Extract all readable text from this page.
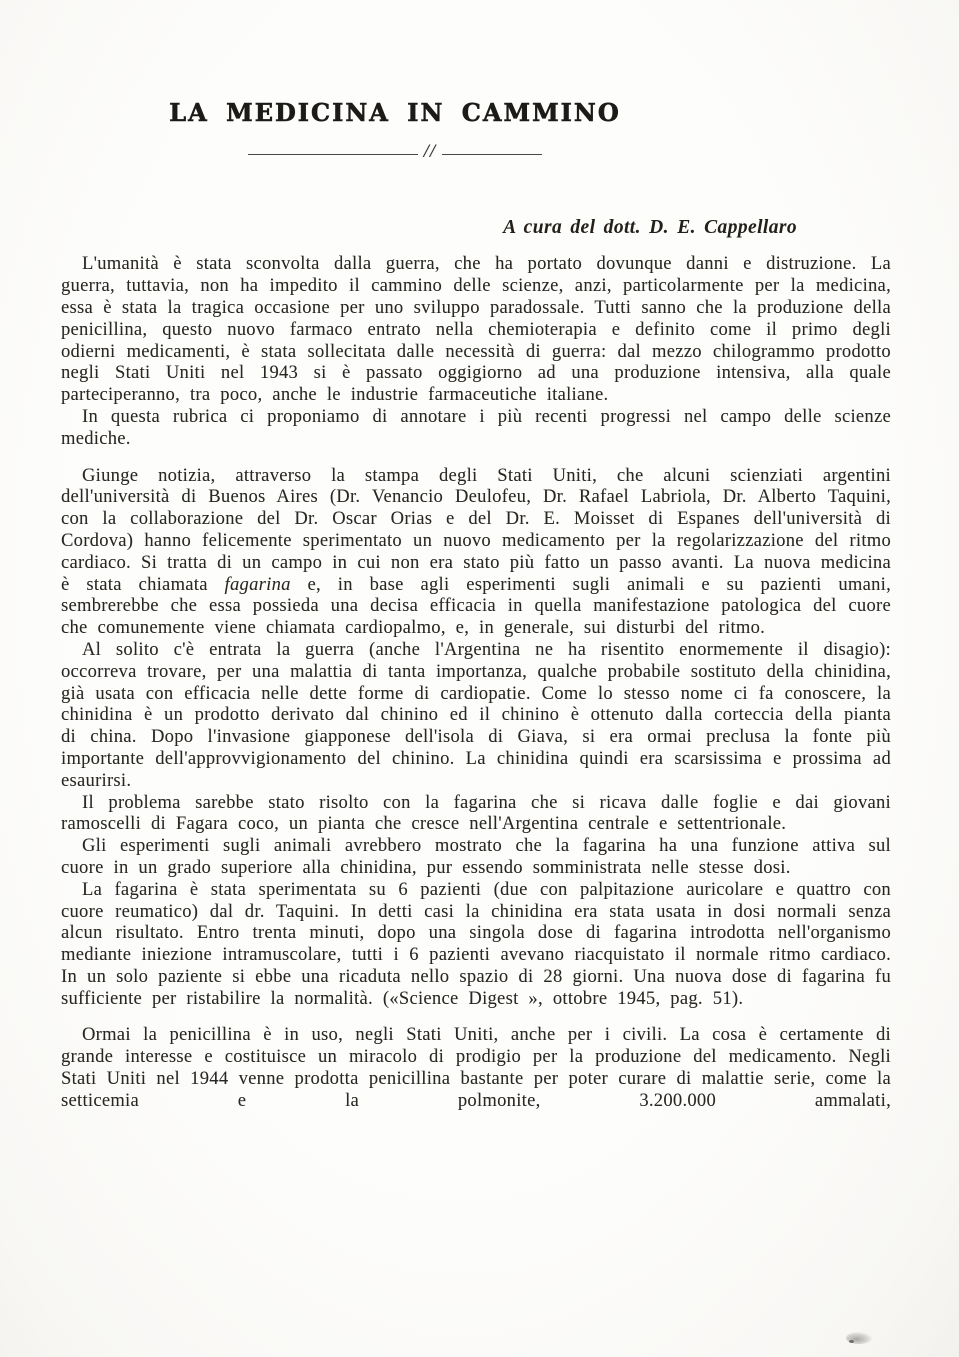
LA MEDICINA IN CAMMINO
//
A cura del dott. D. E. Cappellaro

L'umanità è stata sconvolta dalla guerra, che ha portato dovunque danni e distruzione. La guerra, tuttavia, non ha impedito il cammino delle scienze, anzi, particolarmente per la medicina, essa è stata la tragica occasione per uno sviluppo paradossale. Tutti sanno che la produzione della penicillina, questo nuovo farmaco entrato nella chemioterapia e definito come il primo degli odierni medicamenti, è stata sollecitata dalle necessità di guerra: dal mezzo chilogrammo prodotto negli Stati Uniti nel 1943 si è passato oggigiorno ad una produzione intensiva, alla quale parteciperanno, tra poco, anche le industrie farmaceutiche italiane.

In questa rubrica ci proponiamo di annotare i più recenti progressi nel campo delle scienze mediche.

Giunge notizia, attraverso la stampa degli Stati Uniti, che alcuni scienziati argentini dell'università di Buenos Aires (Dr. Venancio Deulofeu, Dr. Rafael Labriola, Dr. Alberto Taquini, con la collaborazione del Dr. Oscar Orias e del Dr. E. Moisset di Espanes dell'università di Cordova) hanno felicemente sperimentato un nuovo medicamento per la regolarizzazione del ritmo cardiaco. Si tratta di un campo in cui non era stato più fatto un passo avanti. La nuova medicina è stata chiamata fagarina e, in base agli esperimenti sugli animali e su pazienti umani, sembrerebbe che essa possieda una decisa efficacia in quella manifestazione patologica del cuore che comunemente viene chiamata cardiopalmo, e, in generale, sui disturbi del ritmo.

Al solito c'è entrata la guerra (anche l'Argentina ne ha risentito enormemente il disagio): occorreva trovare, per una malattia di tanta importanza, qualche probabile sostituto della chinidina, già usata con efficacia nelle dette forme di cardiopatie. Come lo stesso nome ci fa conoscere, la chinidina è un prodotto derivato dal chinino ed il chinino è ottenuto dalla corteccia della pianta di china. Dopo l'invasione giapponese dell'isola di Giava, si era ormai preclusa la fonte più importante dell'approvvigionamento del chinino. La chinidina quindi era scarsissima e prossima ad esaurirsi.

Il problema sarebbe stato risolto con la fagarina che si ricava dalle foglie e dai giovani ramoscelli di Fagara coco, un pianta che cresce nell'Argentina centrale e settentrionale.

Gli esperimenti sugli animali avrebbero mostrato che la fagarina ha una funzione attiva sul cuore in un grado superiore alla chinidina, pur essendo somministrata nelle stesse dosi.

La fagarina è stata sperimentata su 6 pazienti (due con palpitazione auricolare e quattro con cuore reumatico) dal dr. Taquini. In detti casi la chinidina era stata usata in dosi normali senza alcun risultato. Entro trenta minuti, dopo una singola dose di fagarina introdotta nell'organismo mediante iniezione intramuscolare, tutti i 6 pazienti avevano riacquistato il normale ritmo cardiaco. In un solo paziente si ebbe una ricaduta nello spazio di 28 giorni. Una nuova dose di fagarina fu sufficiente per ristabilire la normalità. («Science Digest », ottobre 1945, pag. 51).

Ormai la penicillina è in uso, negli Stati Uniti, anche per i civili. La cosa è certamente di grande interesse e costituisce un miracolo di prodigio per la produzione del medicamento. Negli Stati Uniti nel 1944 venne prodotta penicillina bastante per poter curare di malattie serie, come la setticemia e la polmonite, 3.200.000 ammalati,
